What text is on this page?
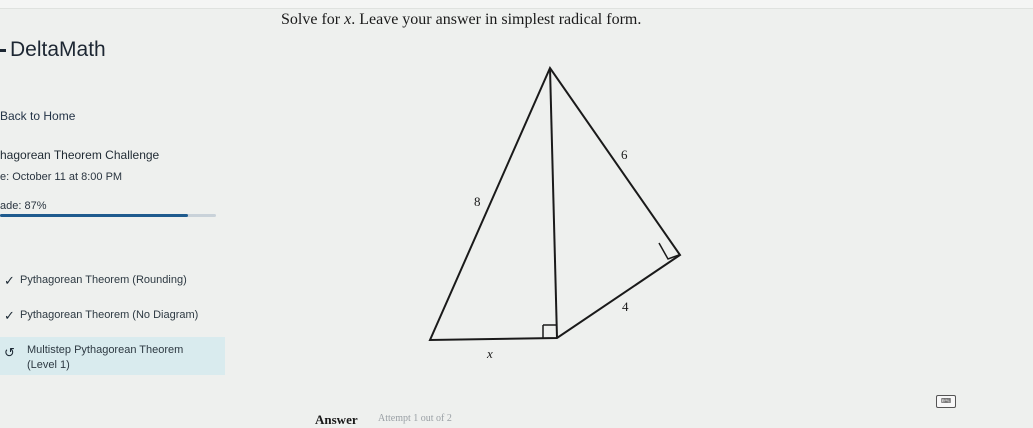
DeltaMath
Back to Home
hagorean Theorem Challenge
e: October 11 at 8:00 PM
ade: 87%
✓ Pythagorean Theorem (Rounding)
✓ Pythagorean Theorem (No Diagram)
↺ Multistep Pythagorean Theorem
(Level 1)
Solve for x. Leave your answer in simplest radical form.
6
8
4
x
Answer Attempt 1 out of 2
⌨
